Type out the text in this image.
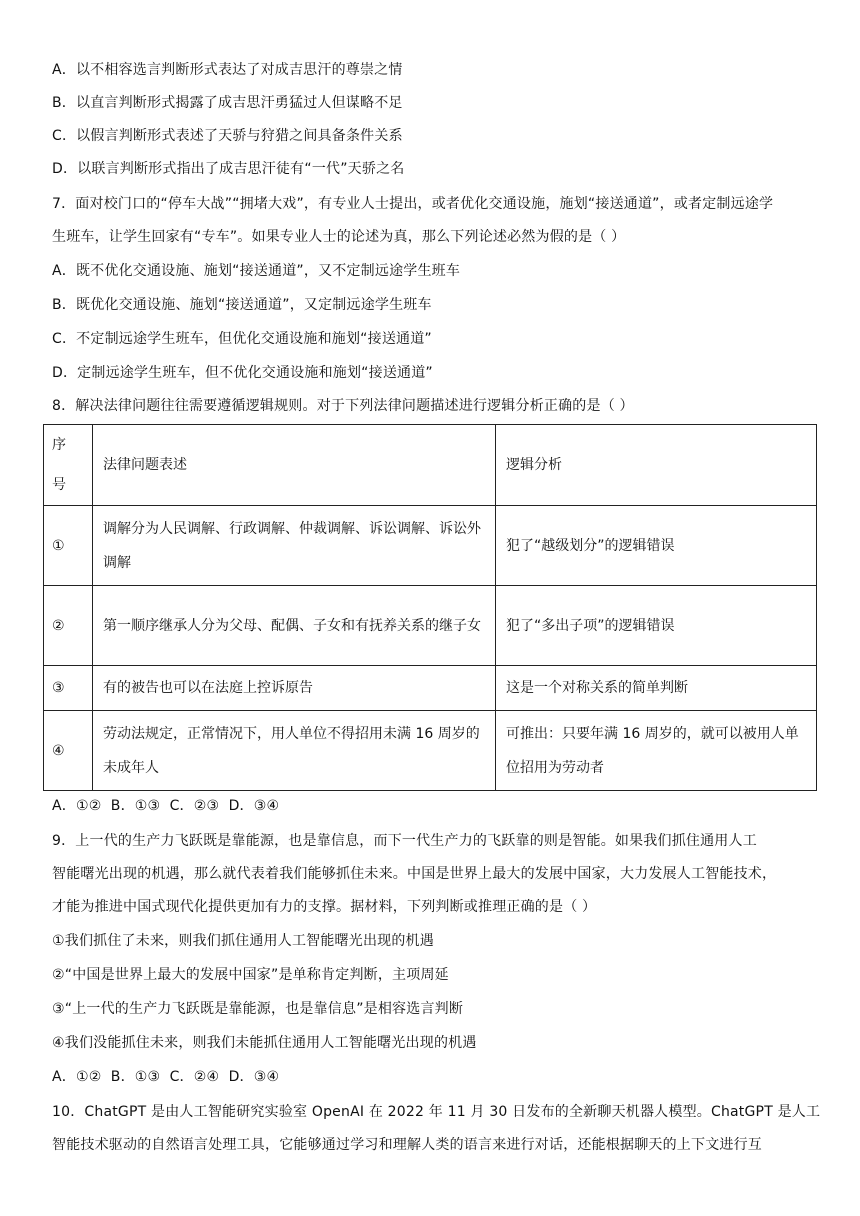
A．以不相容选言判断形式表达了对成吉思汗的尊崇之情
B．以直言判断形式揭露了成吉思汗勇猛过人但谋略不足
C．以假言判断形式表述了天骄与狩猎之间具备条件关系
D．以联言判断形式指出了成吉思汗徒有“一代”天骄之名
7．面对校门口的“停车大战”“拥堵大戏”，有专业人士提出，或者优化交通设施，施划“接送通道”，或者定制远途学
生班车，让学生回家有“专车”。如果专业人士的论述为真，那么下列论述必然为假的是（ ）
A．既不优化交通设施、施划“接送通道”，又不定制远途学生班车
B．既优化交通设施、施划“接送通道”，又定制远途学生班车
C．不定制远途学生班车，但优化交通设施和施划“接送通道”
D．定制远途学生班车，但不优化交通设施和施划“接送通道”
8．解决法律问题往往需要遵循逻辑规则。对于下列法律问题描述进行逻辑分析正确的是（ ）
序号	法律问题表述	逻辑分析
①	调解分为人民调解、行政调解、仲裁调解、诉讼调解、诉讼外调解	犯了“越级划分”的逻辑错误
②	第一顺序继承人分为父母、配偶、子女和有抚养关系的继子女	犯了“多出子项”的逻辑错误
③	有的被告也可以在法庭上控诉原告	这是一个对称关系的简单判断
④	劳动法规定，正常情况下，用人单位不得招用未满 16 周岁的未成年人	可推出：只要年满 16 周岁的，就可以被用人单位招用为劳动者
A．①②  B．①③  C．②③  D．③④
9．上一代的生产力飞跃既是靠能源，也是靠信息，而下一代生产力的飞跃靠的则是智能。如果我们抓住通用人工
智能曙光出现的机遇，那么就代表着我们能够抓住未来。中国是世界上最大的发展中国家，大力发展人工智能技术，
才能为推进中国式现代化提供更加有力的支撑。据材料，下列判断或推理正确的是（ ）
①我们抓住了未来，则我们抓住通用人工智能曙光出现的机遇
②“中国是世界上最大的发展中国家”是单称肯定判断，主项周延
③“上一代的生产力飞跃既是靠能源，也是靠信息”是相容选言判断
④我们没能抓住未来，则我们未能抓住通用人工智能曙光出现的机遇
A．①②  B．①③  C．②④  D．③④
10．ChatGPT 是由人工智能研究实验室 OpenAI 在 2022 年 11 月 30 日发布的全新聊天机器人模型。ChatGPT 是人工
智能技术驱动的自然语言处理工具，它能够通过学习和理解人类的语言来进行对话，还能根据聊天的上下文进行互
